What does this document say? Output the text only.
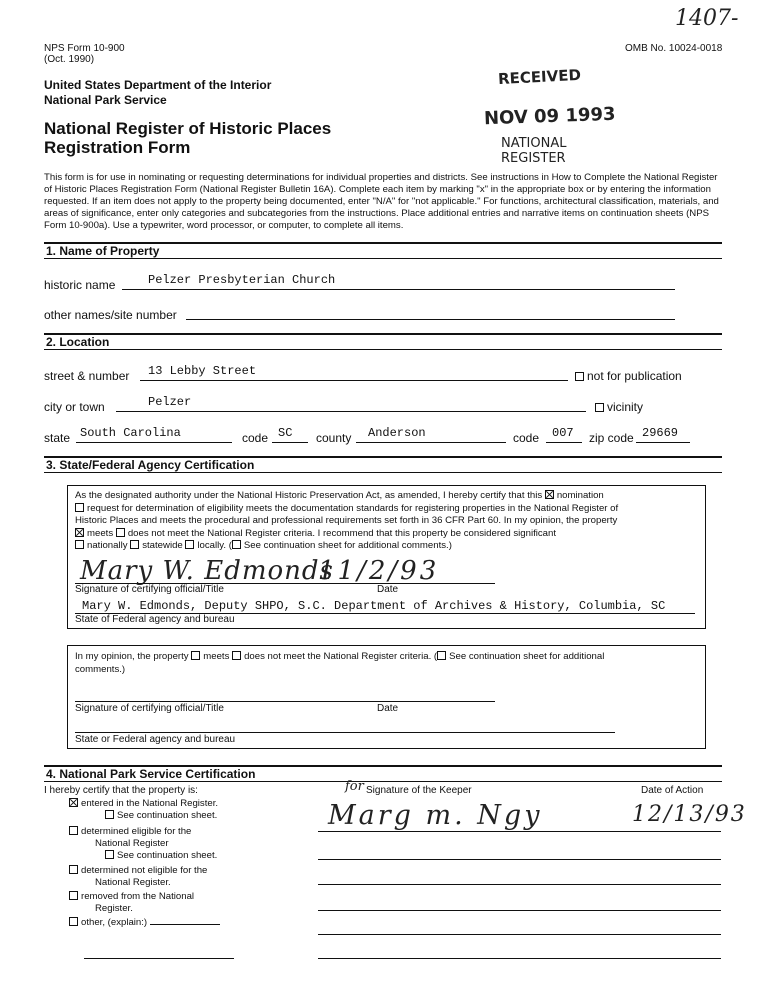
NPS Form 10-900
(Oct. 1990)
OMB No. 10024-0018
1407-
United States Department of the Interior
National Park Service
National Register of Historic Places
Registration Form
RECEIVED
NOV 09 1993
NATIONAL
REGISTER
This form is for use in nominating or requesting determinations for individual properties and districts. See instructions in How to Complete the National Register of Historic Places Registration Form (National Register Bulletin 16A). Complete each item by marking "x" in the appropriate box or by entering the information requested. If an item does not apply to the property being documented, enter "N/A" for "not applicable." For functions, architectural classification, materials, and areas of significance, enter only categories and subcategories from the instructions. Place additional entries and narrative items on continuation sheets (NPS Form 10-900a). Use a typewriter, word processor, or computer, to complete all items.
1. Name of Property
historic name	Pelzer Presbyterian Church
other names/site number
2. Location
street & number 13 Lebby Street	not for publication
city or town	Pelzer	vicinity
state South Carolina	code SC county Anderson	code 007 zip code 29669
3. State/Federal Agency Certification
As the designated authority under the National Historic Preservation Act, as amended, I hereby certify that this nomination
request for determination of eligibility meets the documentation standards for registering properties in the National Register of
Historic Places and meets the procedural and professional requirements set forth in 36 CFR Part 60. In my opinion, the property
meets does not meet the National Register criteria. I recommend that this property be considered significant
nationally statewide locally. ( See continuation sheet for additional comments.)
Mary W. Edmonds
11/2/93
Signature of certifying official/Title	Date
Mary W. Edmonds, Deputy SHPO, S.C. Department of Archives & History, Columbia, SC
State of Federal agency and bureau
In my opinion, the property meets does not meet the National Register criteria. ( See continuation sheet for additional
comments.)
Signature of certifying official/Title	Date
State or Federal agency and bureau
4. National Park Service Certification
I hereby certify that the property is:	for Signature of the Keeper	Date of Action
Marg m. Ngy	12/13/93
entered in the National Register.
See continuation sheet.
determined eligible for the
National Register
See continuation sheet.
determined not eligible for the
National Register.
removed from the National
Register.
other, (explain:)
